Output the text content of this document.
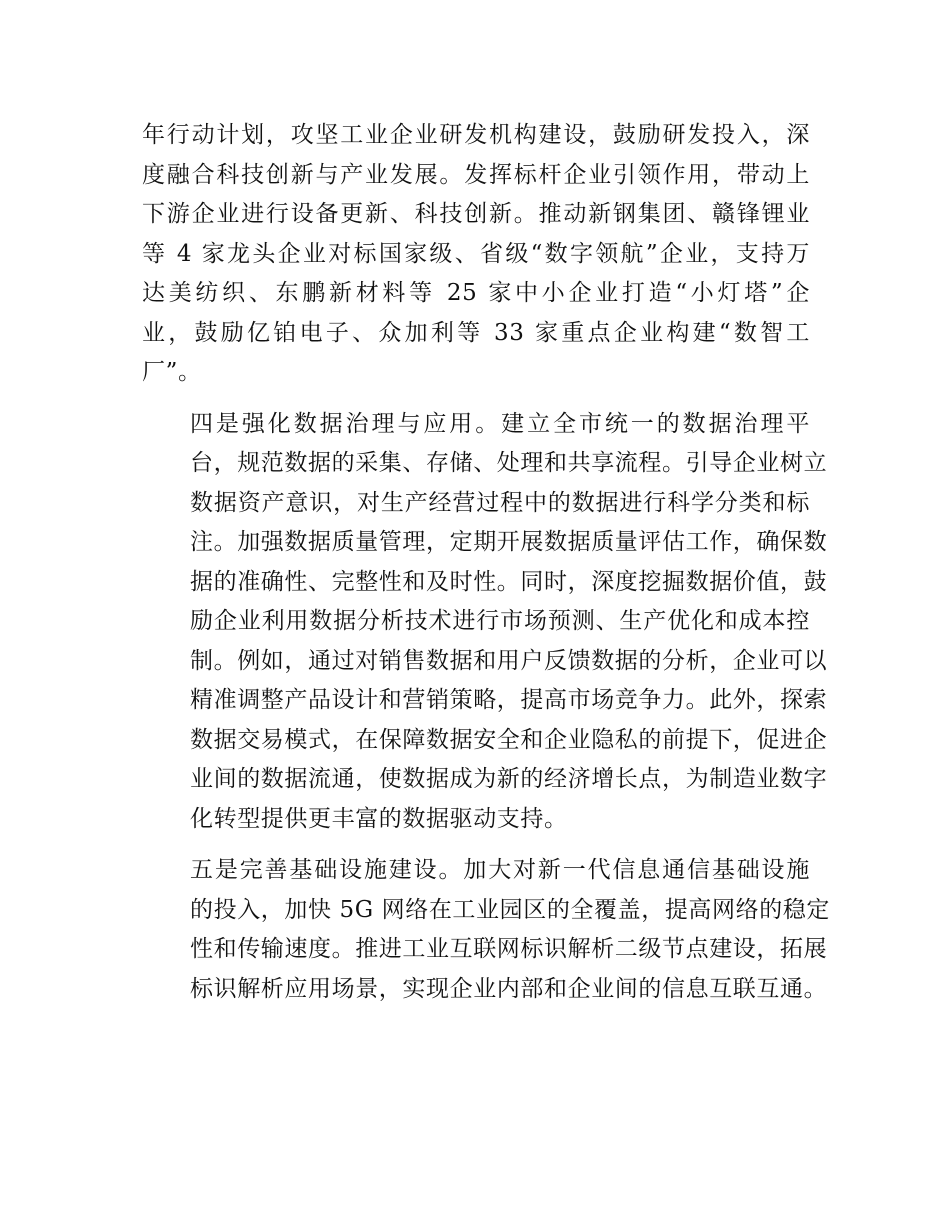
年行动计划，攻坚工业企业研发机构建设，鼓励研发投入，深
度融合科技创新与产业发展。发挥标杆企业引领作用，带动上
下游企业进行设备更新、科技创新。推动新钢集团、赣锋锂业
等 4 家龙头企业对标国家级、省级“数字领航”企业，支持万
达美纺织、东鹏新材料等 25 家中小企业打造“小灯塔”企
业，鼓励亿铂电子、众加利等 33 家重点企业构建“数智工
厂”。

四是强化数据治理与应用。建立全市统一的数据治理平
台，规范数据的采集、存储、处理和共享流程。引导企业树立
数据资产意识，对生产经营过程中的数据进行科学分类和标
注。加强数据质量管理，定期开展数据质量评估工作，确保数
据的准确性、完整性和及时性。同时，深度挖掘数据价值，鼓
励企业利用数据分析技术进行市场预测、生产优化和成本控
制。例如，通过对销售数据和用户反馈数据的分析，企业可以
精准调整产品设计和营销策略，提高市场竞争力。此外，探索
数据交易模式，在保障数据安全和企业隐私的前提下，促进企
业间的数据流通，使数据成为新的经济增长点，为制造业数字
化转型提供更丰富的数据驱动支持。

五是完善基础设施建设。加大对新一代信息通信基础设施
的投入，加快 5G 网络在工业园区的全覆盖，提高网络的稳定
性和传输速度。推进工业互联网标识解析二级节点建设，拓展
标识解析应用场景，实现企业内部和企业间的信息互联互通。
